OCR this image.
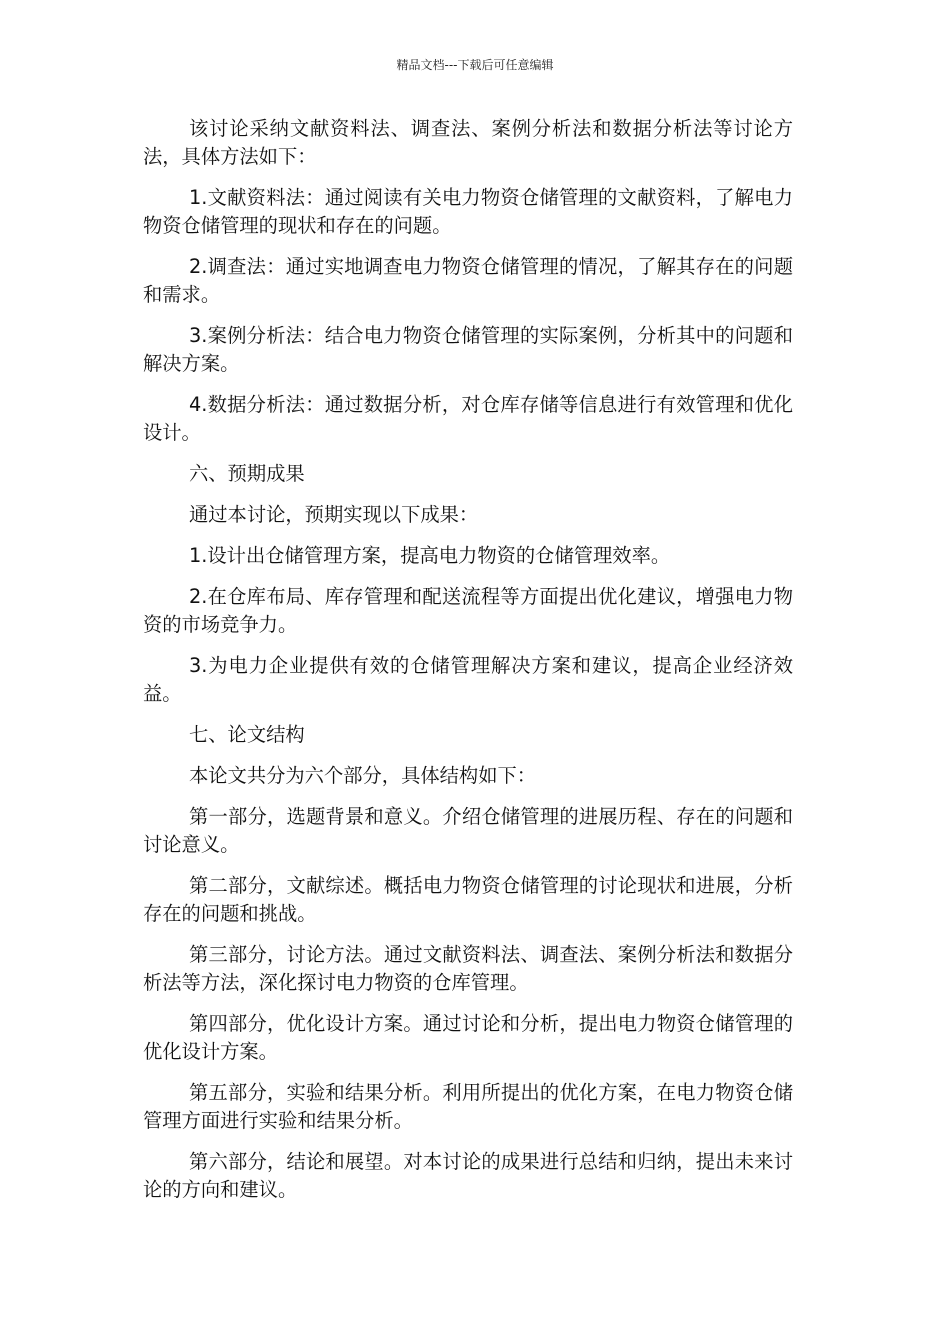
精品文档---下载后可任意编辑

该讨论采纳文献资料法、调查法、案例分析法和数据分析法等讨论方法，具体方法如下：

1.文献资料法：通过阅读有关电力物资仓储管理的文献资料，了解电力物资仓储管理的现状和存在的问题。

2.调查法：通过实地调查电力物资仓储管理的情况，了解其存在的问题和需求。

3.案例分析法：结合电力物资仓储管理的实际案例，分析其中的问题和解决方案。

4.数据分析法：通过数据分析，对仓库存储等信息进行有效管理和优化设计。

六、预期成果

通过本讨论，预期实现以下成果：

1.设计出仓储管理方案，提高电力物资的仓储管理效率。

2.在仓库布局、库存管理和配送流程等方面提出优化建议，增强电力物资的市场竞争力。

3.为电力企业提供有效的仓储管理解决方案和建议，提高企业经济效益。

七、论文结构

本论文共分为六个部分，具体结构如下：

第一部分，选题背景和意义。介绍仓储管理的进展历程、存在的问题和讨论意义。

第二部分，文献综述。概括电力物资仓储管理的讨论现状和进展，分析存在的问题和挑战。

第三部分，讨论方法。通过文献资料法、调查法、案例分析法和数据分析法等方法，深化探讨电力物资的仓库管理。

第四部分，优化设计方案。通过讨论和分析，提出电力物资仓储管理的优化设计方案。

第五部分，实验和结果分析。利用所提出的优化方案，在电力物资仓储管理方面进行实验和结果分析。

第六部分，结论和展望。对本讨论的成果进行总结和归纳，提出未来讨论的方向和建议。
